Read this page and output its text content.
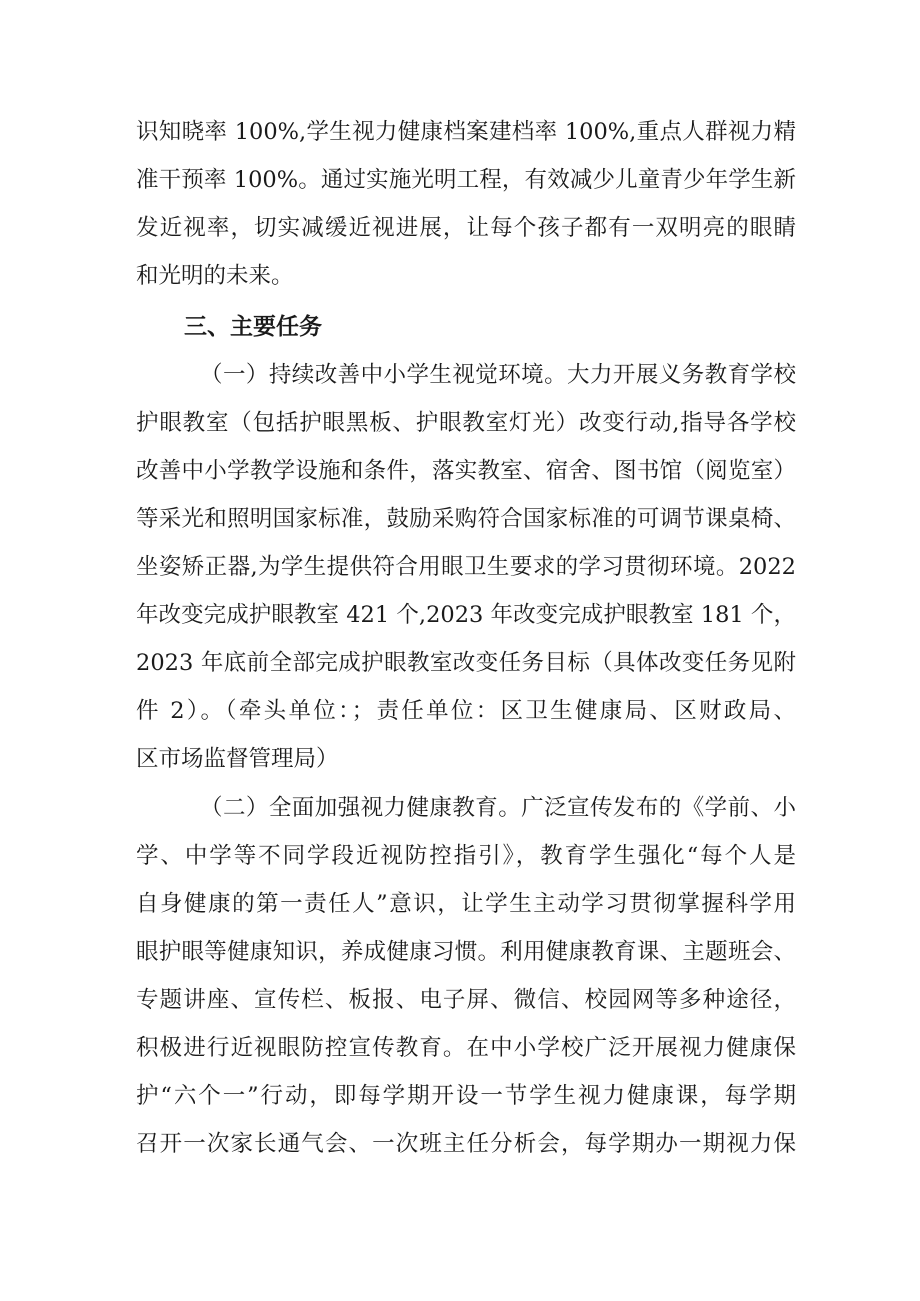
识知晓率 100%,学生视力健康档案建档率 100%,重点人群视力精
准干预率 100%。通过实施光明工程，有效减少儿童青少年学生新
发近视率，切实减缓近视进展，让每个孩子都有一双明亮的眼睛
和光明的未来。
三、主要任务
（一）持续改善中小学生视觉环境。大力开展义务教育学校
护眼教室（包括护眼黑板、护眼教室灯光）改变行动,指导各学校
改善中小学教学设施和条件，落实教室、宿舍、图书馆（阅览室）
等采光和照明国家标准，鼓励采购符合国家标准的可调节课桌椅、
坐姿矫正器,为学生提供符合用眼卫生要求的学习贯彻环境。2022
年改变完成护眼教室 421 个,2023 年改变完成护眼教室 181 个，
2023 年底前全部完成护眼教室改变任务目标（具体改变任务见附
件 2）。（牵头单位：；责任单位：区卫生健康局、区财政局、
区市场监督管理局）
（二）全面加强视力健康教育。广泛宣传发布的《学前、小
学、中学等不同学段近视防控指引》，教育学生强化“每个人是
自身健康的第一责任人”意识，让学生主动学习贯彻掌握科学用
眼护眼等健康知识，养成健康习惯。利用健康教育课、主题班会、
专题讲座、宣传栏、板报、电子屏、微信、校园网等多种途径，
积极进行近视眼防控宣传教育。在中小学校广泛开展视力健康保
护“六个一”行动，即每学期开设一节学生视力健康课，每学期
召开一次家长通气会、一次班主任分析会，每学期办一期视力保
